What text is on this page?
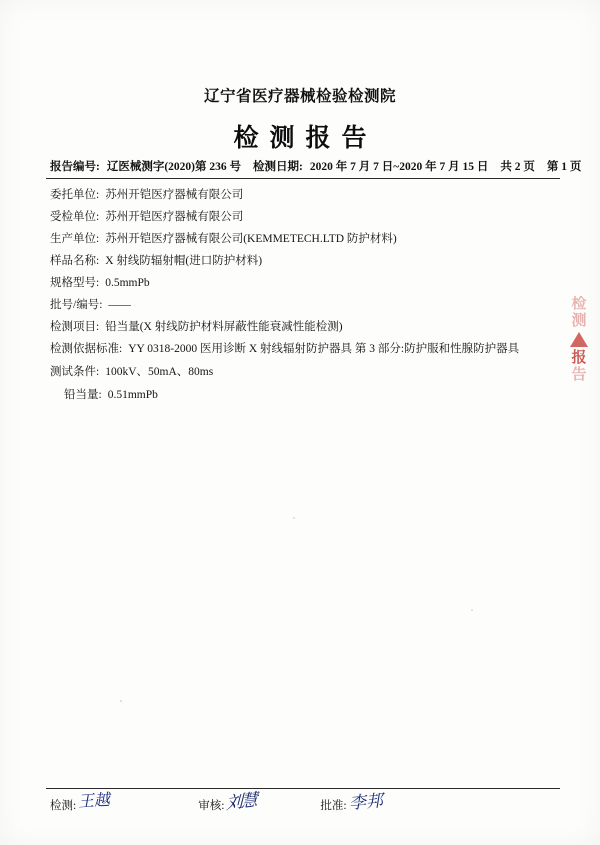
辽宁省医疗器械检验检测院
检测报告
报告编号: 辽医械测字(2020)第 236 号 检测日期: 2020 年 7 月 7 日~2020 年 7 月 15 日 共 2 页 第 1 页
委托单位: 苏州开铠医疗器械有限公司
受检单位: 苏州开铠医疗器械有限公司
生产单位: 苏州开铠医疗器械有限公司(KEMMETECH.LTD 防护材料)
样品名称: X 射线防辐射帽(进口防护材料)
规格型号: 0.5mmPb
批号/编号: ——
检测项目: 铅当量(X 射线防护材料屏蔽性能衰减性能检测)
检测依据标准: YY 0318-2000 医用诊断 X 射线辐射防护器具 第 3 部分:防护服和性腺防护器具
测试条件: 100kV、50mA、80ms
铅当量: 0.51mmPb
检
测
报
告
检测: 王越	审核: 刘慧	批准: 李邦
